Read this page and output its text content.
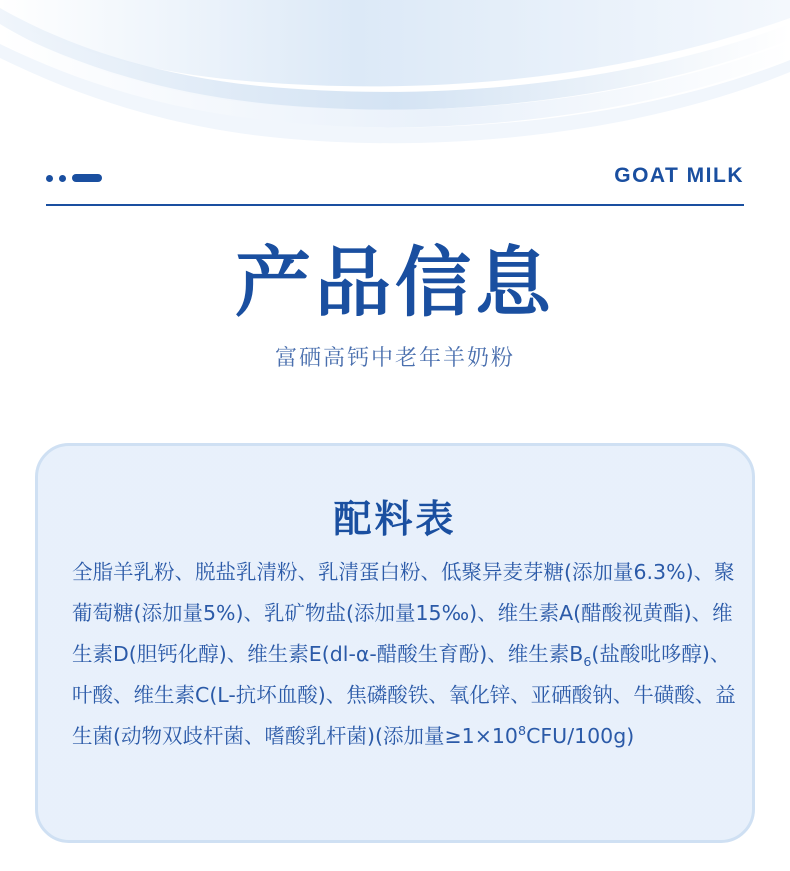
GOAT MILK
产品信息
富硒高钙中老年羊奶粉
配料表
全脂羊乳粉、脱盐乳清粉、乳清蛋白粉、低聚异麦芽糖(添加量6.3%)、聚葡萄糖(添加量5%)、乳矿物盐(添加量15‰)、维生素A(醋酸视黄酯)、维生素D(胆钙化醇)、维生素E(dl-α-醋酸生育酚)、维生素$B_6$(盐酸吡哆醇)、叶酸、维生素C(L-抗坏血酸)、焦磷酸铁、氧化锌、亚硒酸钠、牛磺酸、益生菌(动物双歧杆菌、嗜酸乳杆菌)(添加量$\ge 1\times 10^8CFU/100g$)
